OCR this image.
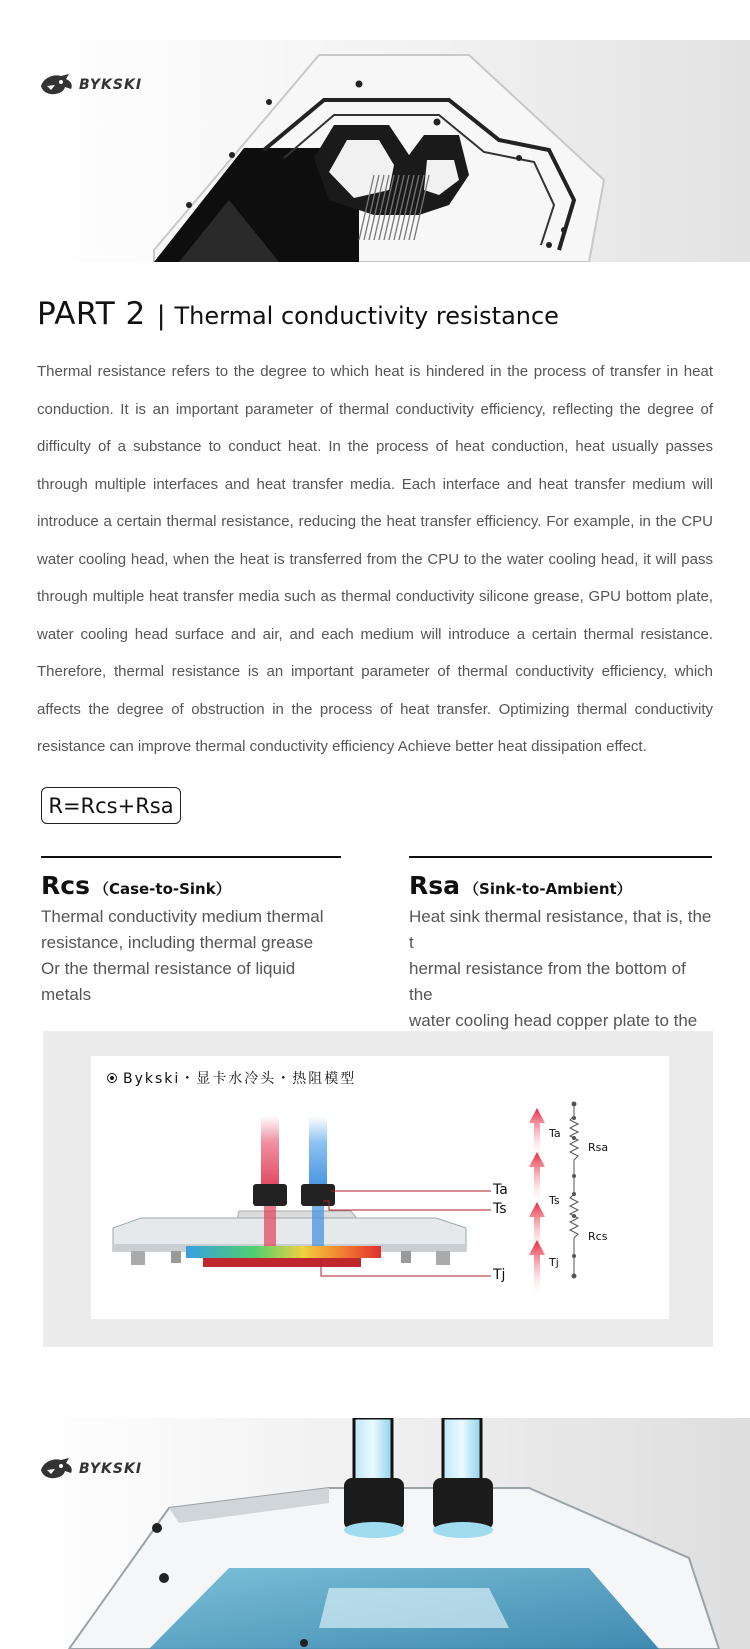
BYKSKI
PART 2 | Thermal conductivity resistance

Thermal resistance refers to the degree to which heat is hindered in the process of transfer in heat conduction. It is an important parameter of thermal conductivity efficiency, reflecting the degree of difficulty of a substance to conduct heat. In the process of heat conduction, heat usually passes through multiple interfaces and heat transfer media. Each interface and heat transfer medium will introduce a certain thermal resistance, reducing the heat transfer efficiency. For example, in the CPU water cooling head, when the heat is transferred from the CPU to the water cooling head, it will pass through multiple heat transfer media such as thermal conductivity silicone grease, GPU bottom plate, water cooling head surface and air, and each medium will introduce a certain thermal resistance. Therefore, thermal resistance is an important parameter of thermal conductivity efficiency, which affects the degree of obstruction in the process of heat transfer. Optimizing thermal conductivity resistance can improve thermal conductivity efficiency Achieve better heat dissipation effect.

R=Rcs+Rsa
Rcs （Case-to-Sink）
Thermal conductivity medium thermal
resistance, including thermal grease
Or the thermal resistance of liquid metals
Rsa （Sink-to-Ambient）
Heat sink thermal resistance, that is, the t
hermal resistance from the bottom of the
water cooling head copper plate to the

Bykski・显卡水冷头・热阻模型
Ta
Ts
Tj
Ta
Rsa
Ts
Rcs
Tj
BYKSKI
